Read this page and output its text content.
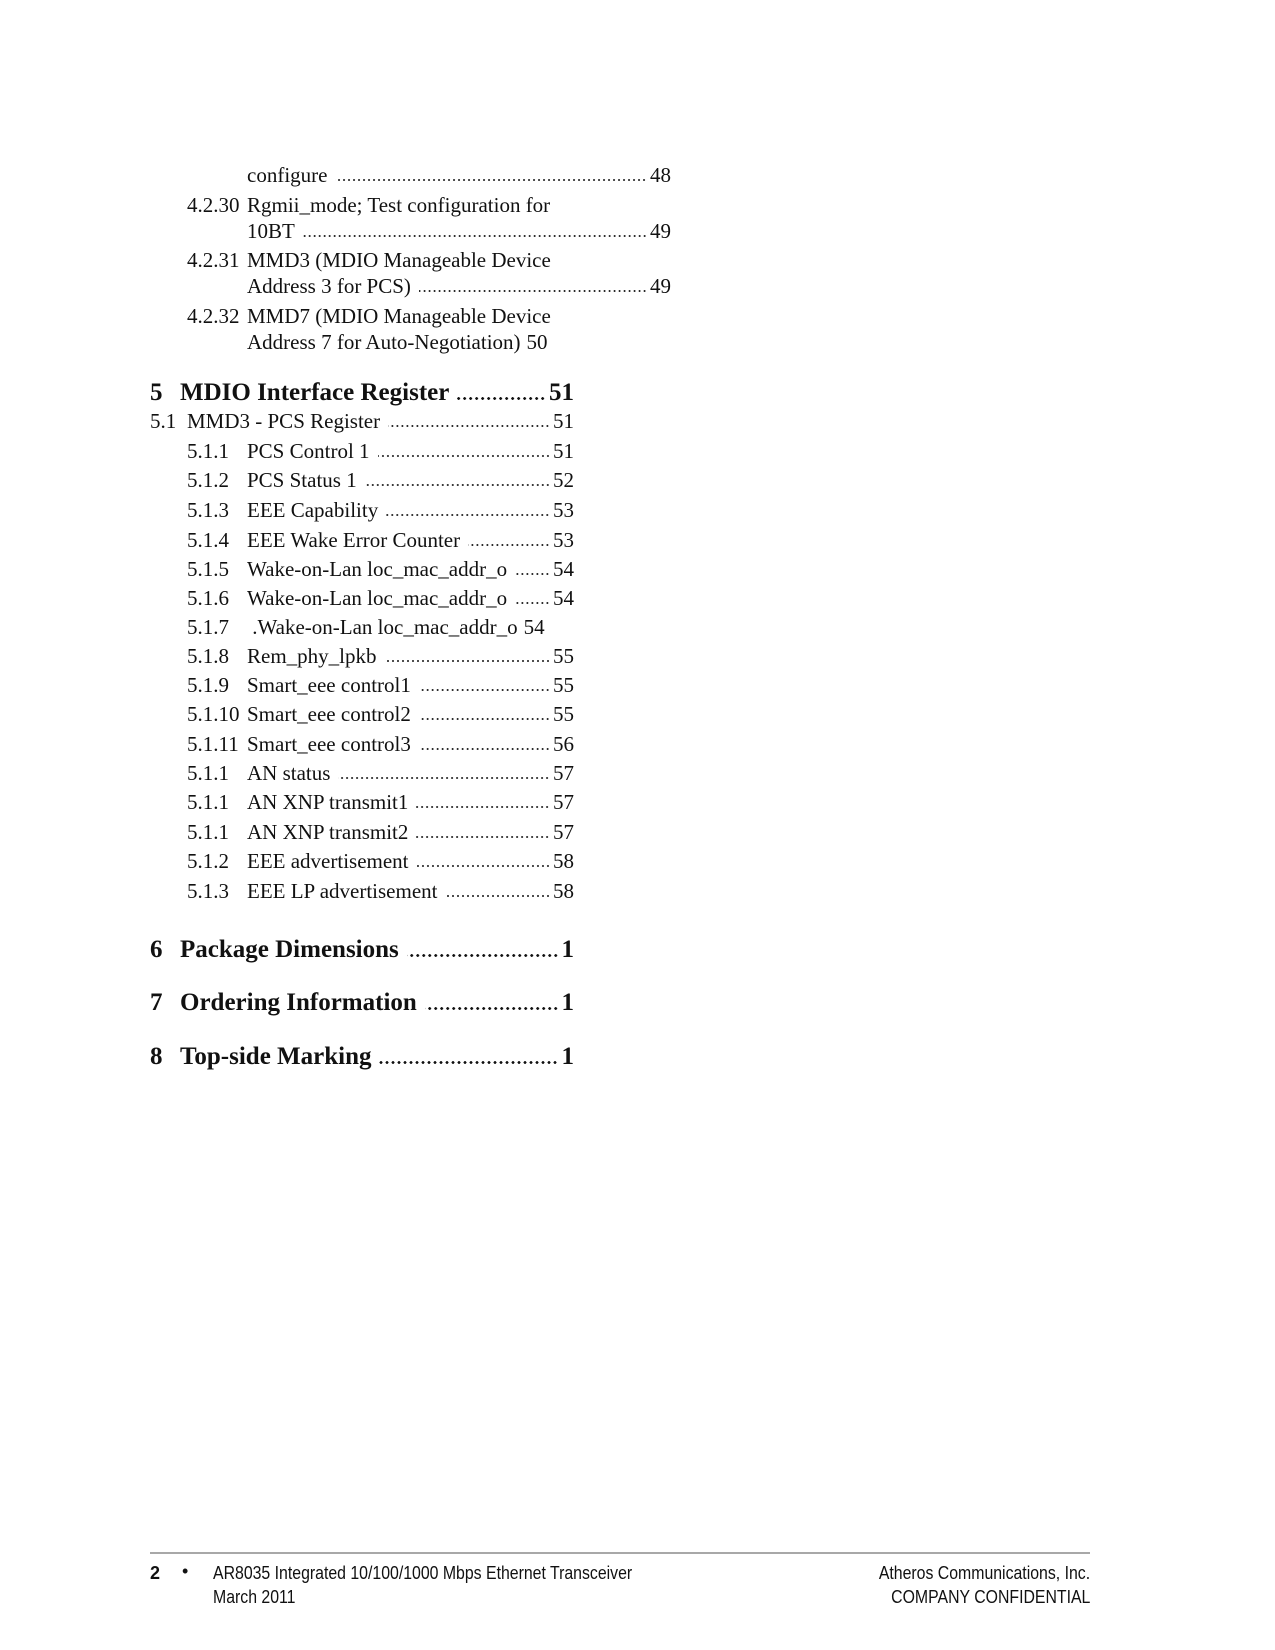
configure	48
4.2.30 Rgmii_mode; Test configuration for
10BT	49
4.2.31 MMD3 (MDIO Manageable Device
Address 3 for PCS)	49
4.2.32 MMD7 (MDIO Manageable Device
Address 7 for Auto-Negotiation) 50
5 MDIO Interface Register	51
5.1 MMD3 - PCS Register	51
5.1.1 PCS Control 1	51
5.1.2 PCS Status 1	52
5.1.3 EEE Capability	53
5.1.4 EEE Wake Error Counter	53
5.1.5 Wake-on-Lan loc_mac_addr_o 54
5.1.6 Wake-on-Lan loc_mac_addr_o 54
5.1.7 .Wake-on-Lan loc_mac_addr_o 54
5.1.8 Rem_phy_lpkb	55
5.1.9 Smart_eee control1	55
5.1.10 Smart_eee control2	55
5.1.11 Smart_eee control3	56
5.1.1 AN status	57
5.1.1 AN XNP transmit1	57
5.1.1 AN XNP transmit2	57
5.1.2 EEE advertisement	58
5.1.3 EEE LP advertisement	58
6 Package Dimensions	1
7 Ordering Information	1
8 Top-side Marking	1
2 • AR8035 Integrated 10/100/1000 Mbps Ethernet Transceiver
March 2011
Atheros Communications, Inc.
COMPANY CONFIDENTIAL
